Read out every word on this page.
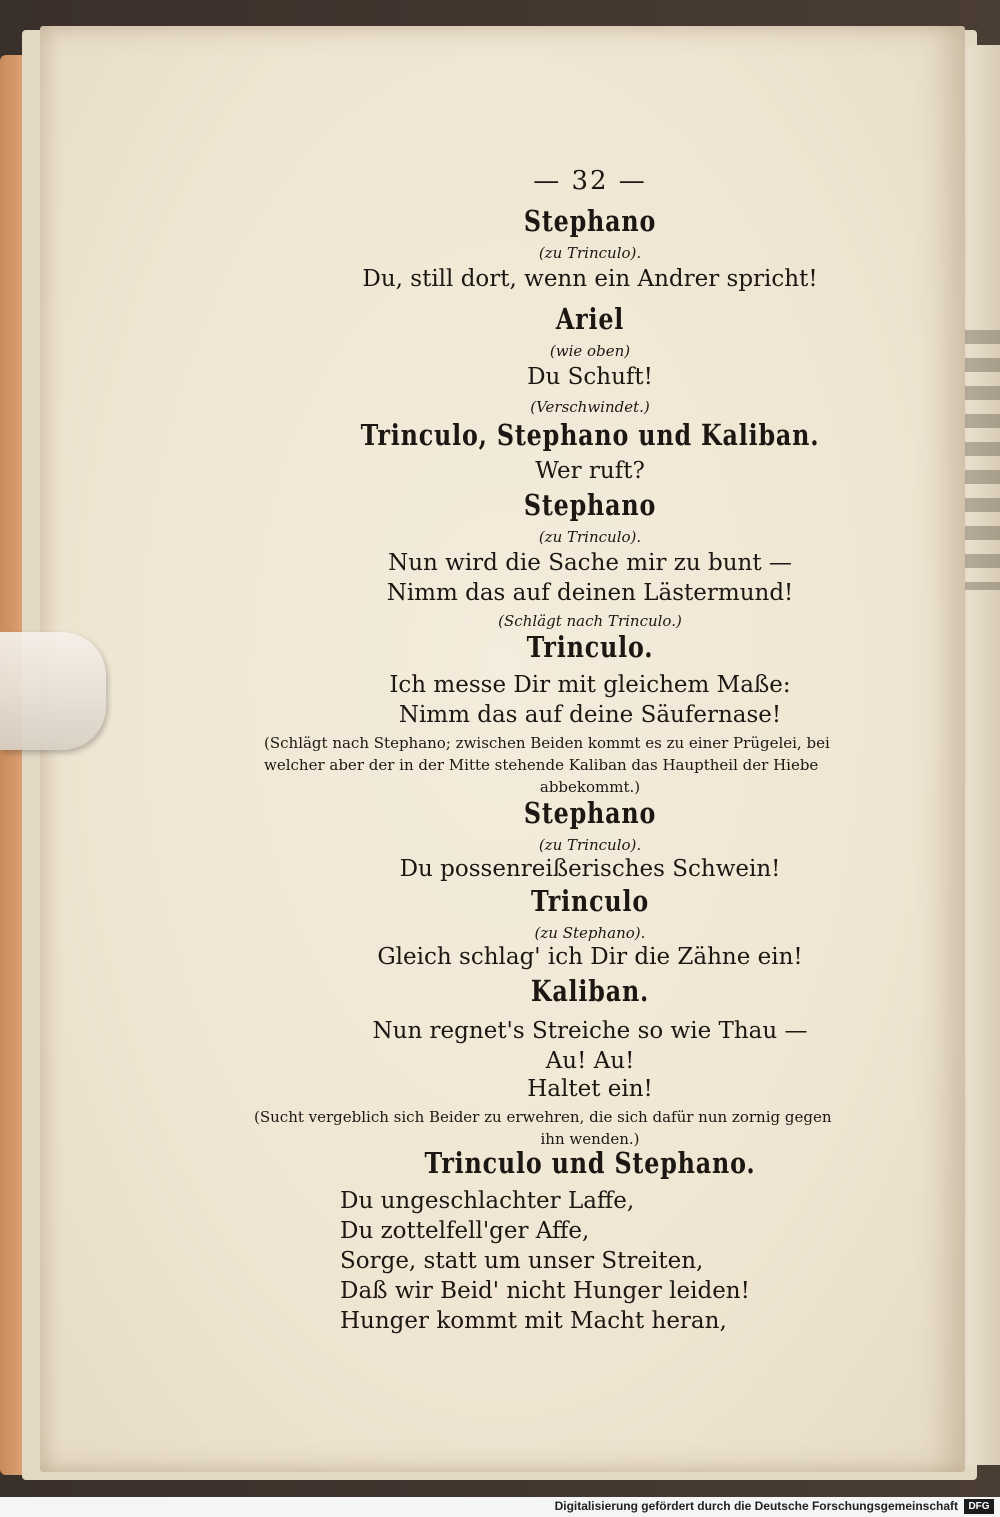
— 32 —
Stephano
(zu Trinculo).
Du, still dort, wenn ein Andrer spricht!
Ariel
(wie oben)
Du Schuft!
(Verschwindet.)
Trinculo, Stephano und Kaliban.
Wer ruft?
Stephano
(zu Trinculo).
Nun wird die Sache mir zu bunt —
Nimm das auf deinen Lästermund!
(Schlägt nach Trinculo.)
Trinculo.
Ich messe Dir mit gleichem Maße:
Nimm das auf deine Säufernase!
(Schlägt nach Stephano; zwischen Beiden kommt es zu einer Prügelei, bei
welcher aber der in der Mitte stehende Kaliban das Hauptheil der Hiebe
abbekommt.)
Stephano
(zu Trinculo).
Du possenreißerisches Schwein!
Trinculo
(zu Stephano).
Gleich schlag' ich Dir die Zähne ein!
Kaliban.
Nun regnet's Streiche so wie Thau —
Au! Au!
Haltet ein!
(Sucht vergeblich sich Beider zu erwehren, die sich dafür nun zornig gegen
ihn wenden.)
Trinculo und Stephano.
Du ungeschlachter Laffe,
Du zottelfell'ger Affe,
Sorge, statt um unser Streiten,
Daß wir Beid' nicht Hunger leiden!
Hunger kommt mit Macht heran,
Digitalisierung gefördert durch die Deutsche Forschungsgemeinschaft	DFG
